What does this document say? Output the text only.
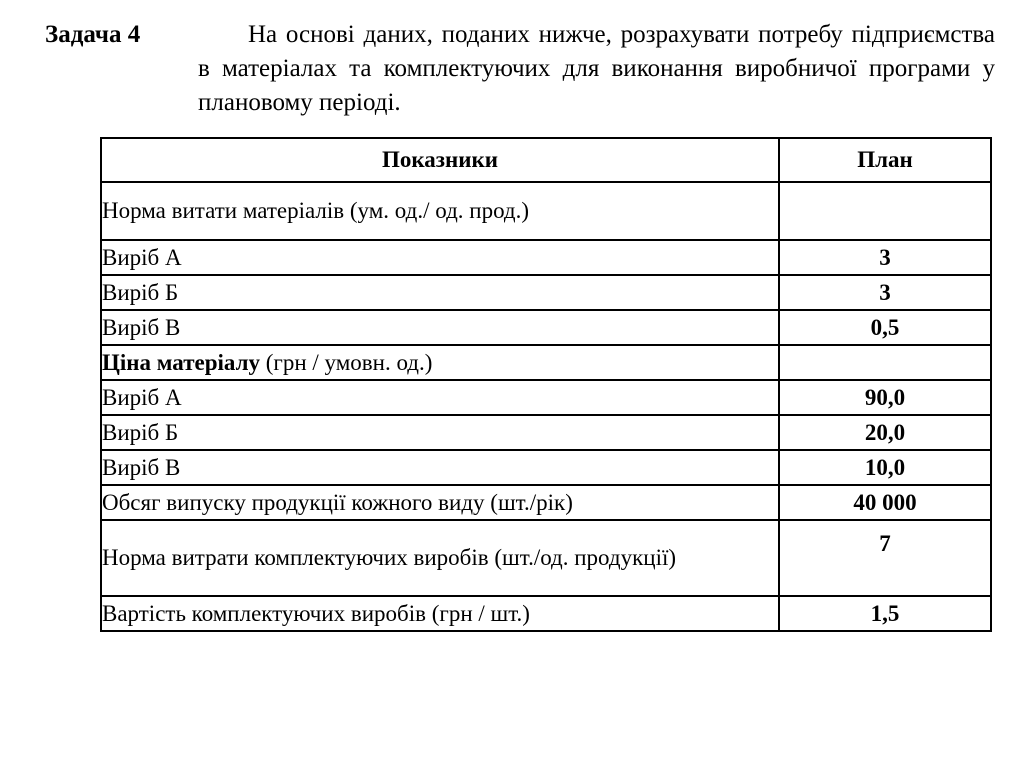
Задача 4	На основі даних, поданих нижче, розрахувати потребу підприємства в матеріалах та комплектуючих для виконання виробничої програми у плановому періоді.

Показники	План
Норма витати матеріалів (ум. од./ од. прод.)	
Виріб А	3
Виріб Б	3
Виріб В	0,5
Ціна матеріалу (грн / умовн. од.)	
Виріб А	90,0
Виріб Б	20,0
Виріб В	10,0
Обсяг випуску продукції кожного виду (шт./рік)	40 000
Норма витрати комплектуючих виробів (шт./од. продукції)	7
Вартість комплектуючих виробів (грн / шт.)	1,5
